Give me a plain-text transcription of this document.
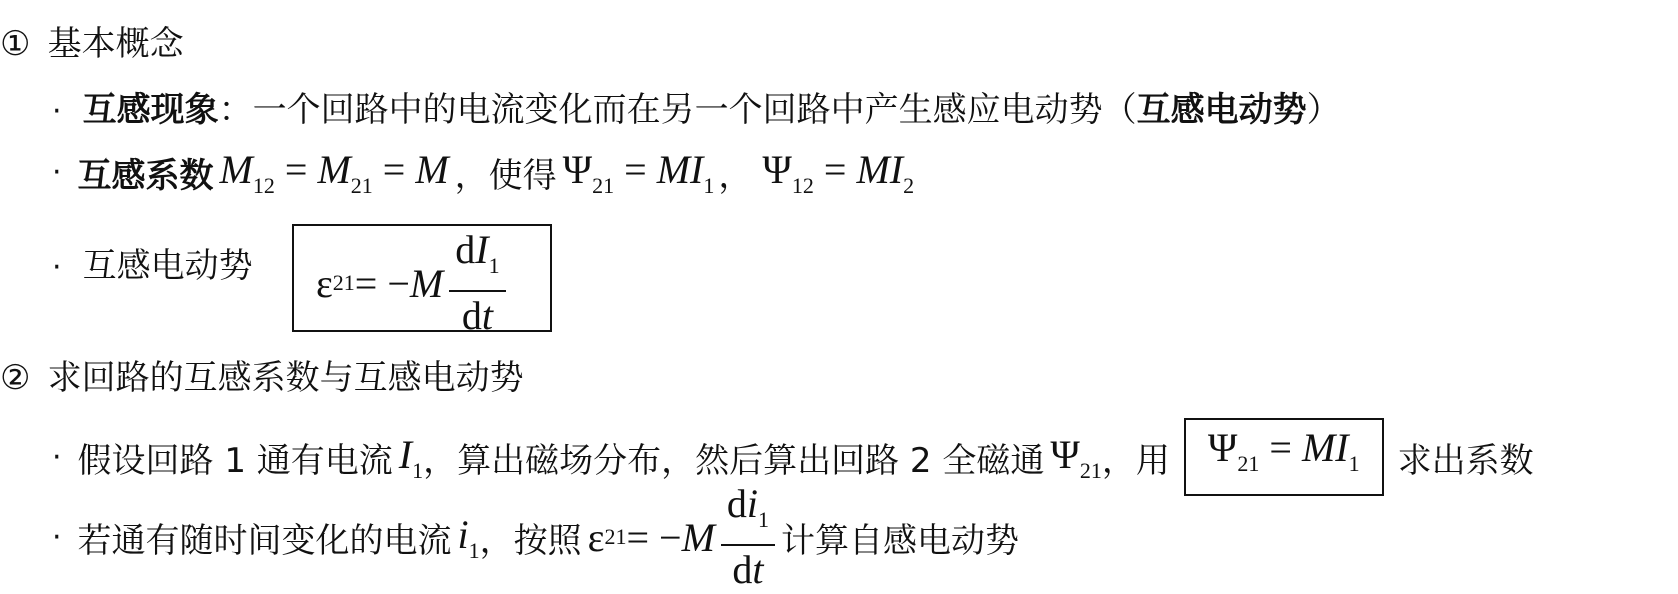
① 基本概念
· 互感现象：一个回路中的电流变化而在另一个回路中产生感应电动势（互感电动势）
· 互感系数 $M_{12} = M_{21} = M$ ，使得 $\Psi_{21} = MI_1$ ， $\Psi_{12} = MI_2$
· 互感电动势 ε 21 = − M $\frac{dI_1}{dt}$
② 求回路的互感系数与互感电动势
· 假设回路 1 通有电流 $I_1$ ，算出磁场分布，然后算出回路 2 全磁通 $\Psi_{21}$ ，用 $\Psi_{21} = MI_1$	求出系数
· 若通有随时间变化的电流 $i_1$ ，按照 ε 21 = − M $\frac{di_1}{dt}$ 计算自感电动势
